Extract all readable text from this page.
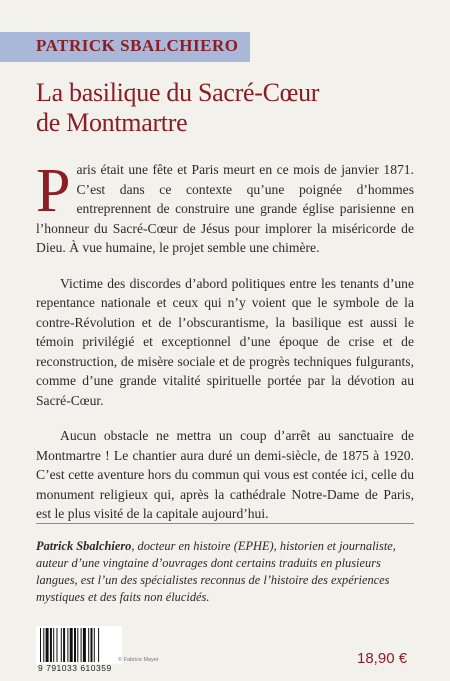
PATRICK SBALCHIERO
La basilique du Sacré-Cœur
de Montmartre

Paris était une fête et Paris meurt en ce mois de janvier 1871. C’est dans ce contexte qu’une poignée d’hommes entreprennent de construire une grande église parisienne en l’honneur du Sacré-Cœur de Jésus pour implorer la miséricorde de Dieu. À vue humaine, le projet semble une chimère.

Victime des discordes d’abord politiques entre les tenants d’une repentance nationale et ceux qui n’y voient que le symbole de la contre-Révolution et de l’obscurantisme, la basilique est aussi le témoin privilégié et exceptionnel d’une époque de crise et de reconstruction, de misère sociale et de progrès techniques fulgurants, comme d’une grande vitalité spirituelle portée par la dévotion au Sacré-Cœur.

Aucun obstacle ne mettra un coup d’arrêt au sanctuaire de Montmartre ! Le chantier aura duré un demi-siècle, de 1875 à 1920. C’est cette aventure hors du commun qui vous est contée ici, celle du monument religieux qui, après la cathédrale Notre-Dame de Paris, est le plus visité de la capitale aujourd’hui.

Patrick Sbalchiero, docteur en histoire (EPHE), historien et journaliste, auteur d’une vingtaine d’ouvrages dont certains traduits en plusieurs langues, est l’un des spécialistes reconnus de l’histoire des expériences mystiques et des faits non élucidés.
9 791033 610359
© Fabrice Mayer	18,90 €
